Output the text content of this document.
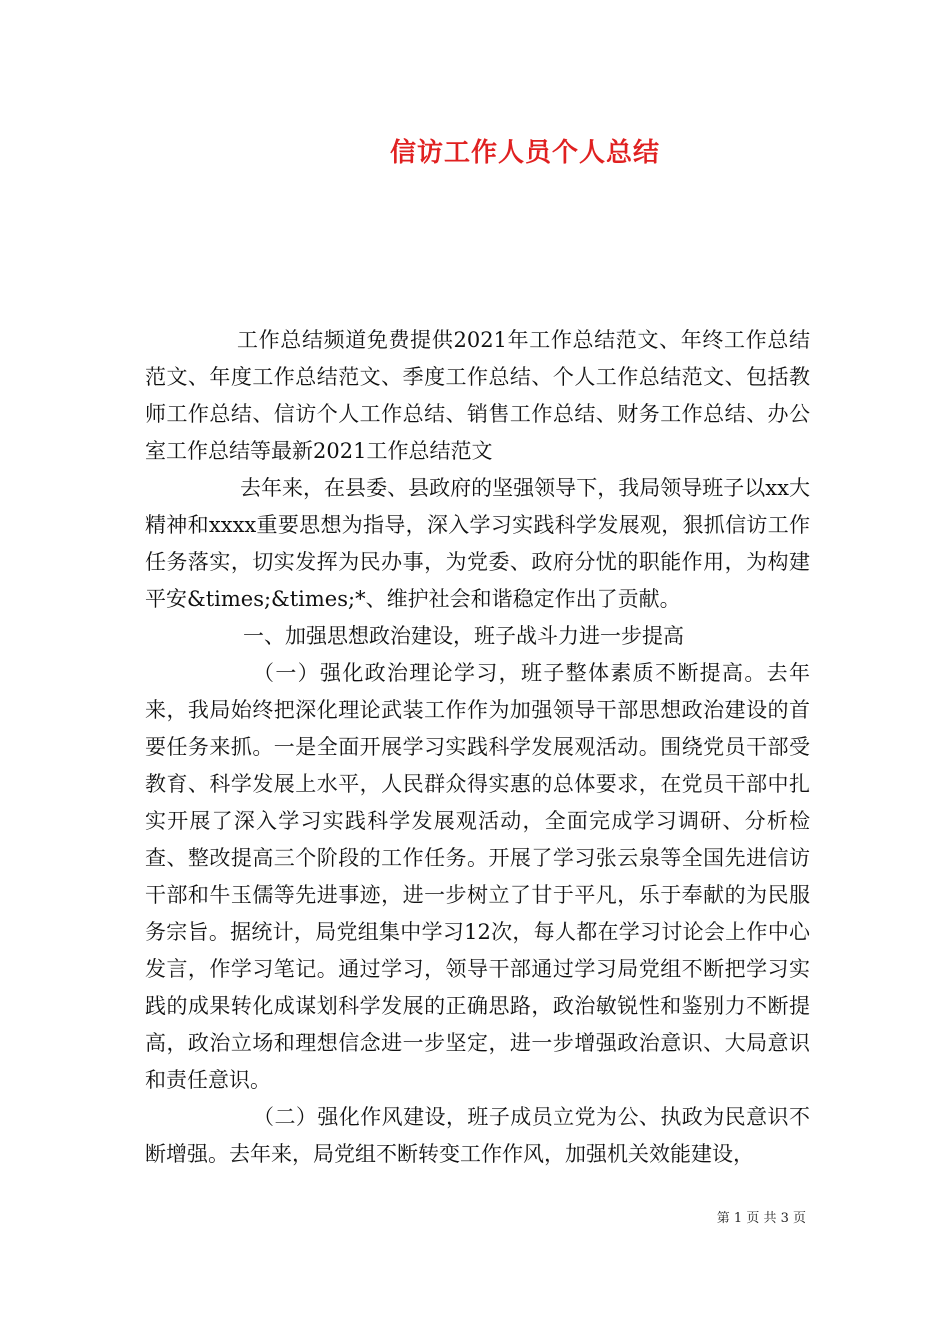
信访工作人员个人总结

工作总结频道免费提供2021年工作总结范文、年终工作总结范文、年度工作总结范文、季度工作总结、个人工作总结范文、包括教师工作总结、信访个人工作总结、销售工作总结、财务工作总结、办公室工作总结等最新2021工作总结范文

去年来，在县委、县政府的坚强领导下，我局领导班子以xx大精神和xxxx重要思想为指导，深入学习实践科学发展观，狠抓信访工作任务落实，切实发挥为民办事，为党委、政府分忧的职能作用，为构建平安&times;&times;*、维护社会和谐稳定作出了贡献。

一、加强思想政治建设，班子战斗力进一步提高

（一）强化政治理论学习，班子整体素质不断提高。去年来，我局始终把深化理论武装工作作为加强领导干部思想政治建设的首要任务来抓。一是全面开展学习实践科学发展观活动。围绕党员干部受教育、科学发展上水平，人民群众得实惠的总体要求，在党员干部中扎实开展了深入学习实践科学发展观活动，全面完成学习调研、分析检查、整改提高三个阶段的工作任务。开展了学习张云泉等全国先进信访干部和牛玉儒等先进事迹，进一步树立了甘于平凡，乐于奉献的为民服务宗旨。据统计，局党组集中学习12次，每人都在学习讨论会上作中心发言，作学习笔记。通过学习，领导干部通过学习局党组不断把学习实践的成果转化成谋划科学发展的正确思路，政治敏锐性和鉴别力不断提高，政治立场和理想信念进一步坚定，进一步增强政治意识、大局意识和责任意识。

（二）强化作风建设，班子成员立党为公、执政为民意识不断增强。去年来，局党组不断转变工作作风，加强机关效能建设，

第 1 页 共 3 页
